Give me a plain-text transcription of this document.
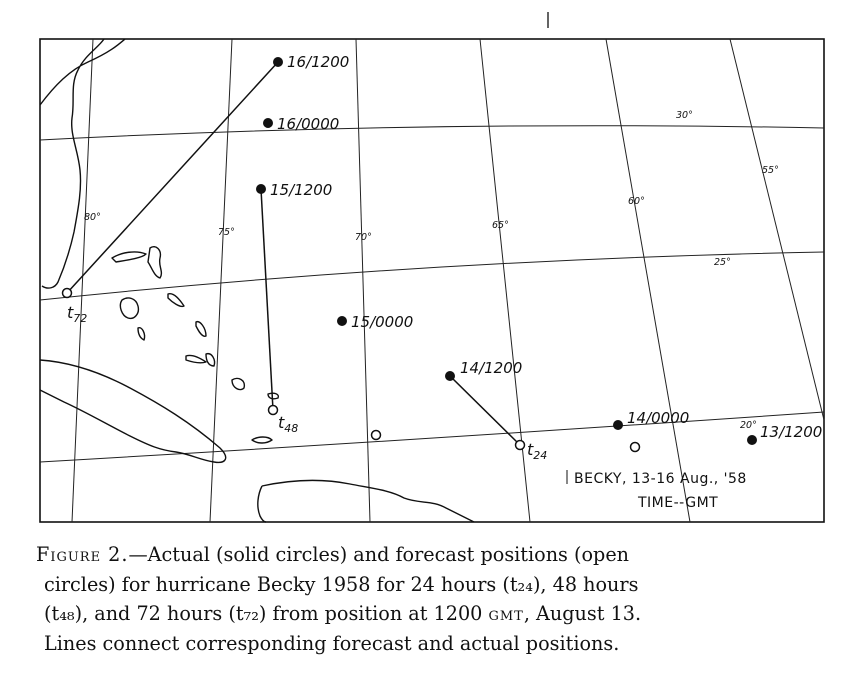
16/1200
16/0000
15/1200
15/0000
14/1200
14/0000
13/1200
$t_{72}$
$t_{48}$
$t_{24}$
80°
75°	70°
65°
60°
55°
30°
25°
20°
BECKY, 13-16 Aug., '58
TIME--GMT
Figure 2.—Actual (solid circles) and forecast positions (open
circles) for hurricane Becky 1958 for 24 hours (t₂₄), 48 hours
(t₄₈), and 72 hours (t₇₂) from position at 1200 gmt, August 13.
Lines connect corresponding forecast and actual positions.
